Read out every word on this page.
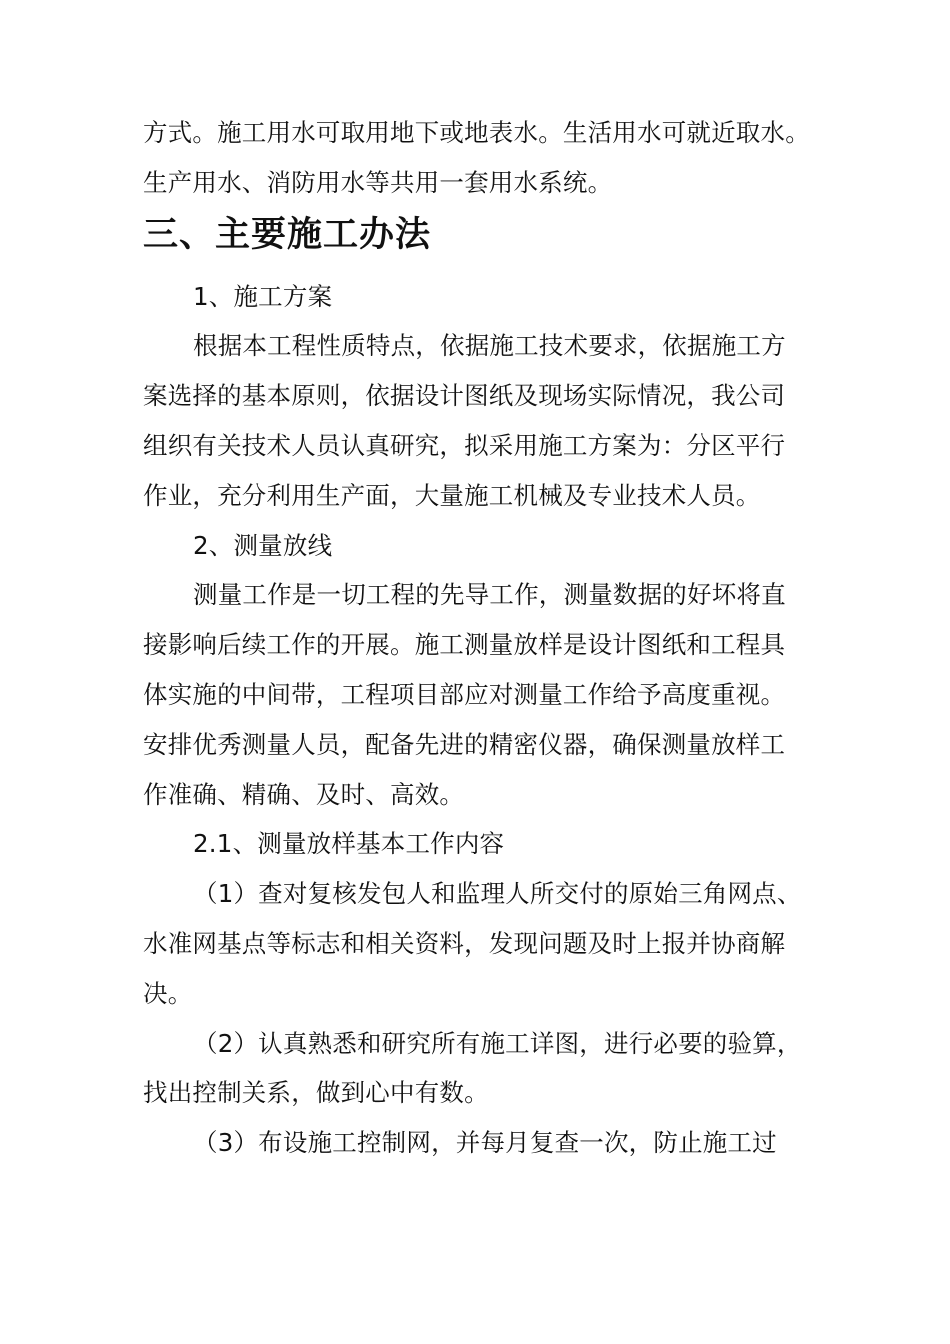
方式。施工用水可取用地下或地表水。生活用水可就近取水。
生产用水、消防用水等共用一套用水系统。
三、主要施工办法
1、施工方案
根据本工程性质特点，依据施工技术要求，依据施工方
案选择的基本原则，依据设计图纸及现场实际情况，我公司
组织有关技术人员认真研究，拟采用施工方案为：分区平行
作业，充分利用生产面，大量施工机械及专业技术人员。
2、测量放线
测量工作是一切工程的先导工作，测量数据的好坏将直
接影响后续工作的开展。施工测量放样是设计图纸和工程具
体实施的中间带，工程项目部应对测量工作给予高度重视。
安排优秀测量人员，配备先进的精密仪器，确保测量放样工
作准确、精确、及时、高效。
2.1、测量放样基本工作内容
（1）查对复核发包人和监理人所交付的原始三角网点、
水准网基点等标志和相关资料，发现问题及时上报并协商解
决。
（2）认真熟悉和研究所有施工详图，进行必要的验算，
找出控制关系，做到心中有数。
（3）布设施工控制网，并每月复查一次，防止施工过
